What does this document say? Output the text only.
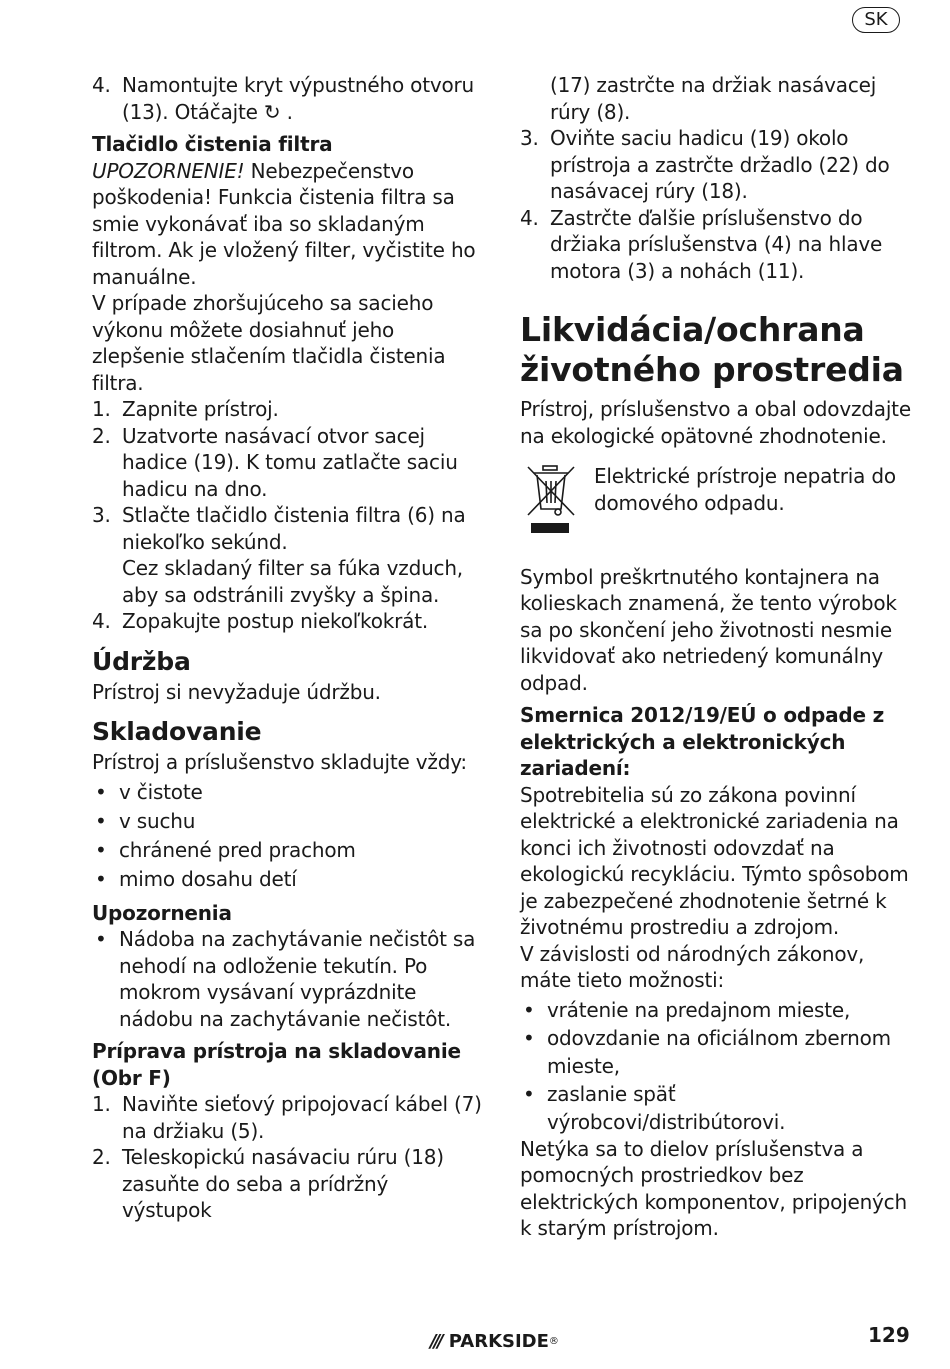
SK
4. Namontujte kryt výpustného otvoru (13). Otáčajte ↻ .

Tlačidlo čistenia filtra

UPOZORNENIE! Nebezpečenstvo poškodenia! Funkcia čistenia filtra sa smie vykonávať iba so skladaným filtrom. Ak je vložený filter, vyčistite ho manuálne.

V prípade zhoršujúceho sa sacieho výkonu môžete dosiahnuť jeho zlepšenie stlačením tlačidla čistenia filtra.

1. Zapnite prístroj.
2. Uzatvorte nasávací otvor sacej hadice (19). K tomu zatlačte saciu hadicu na dno.
3. Stlačte tlačidlo čistenia filtra (6) na niekoľko sekúnd.

Cez skladaný filter sa fúka vzduch, aby sa odstránili zvyšky a špina.

4. Zopakujte postup niekoľkokrát.

Údržba

Prístroj si nevyžaduje údržbu.

Skladovanie

Prístroj a príslušenstvo skladujte vždy:

• v čistote
• v suchu
• chránené pred prachom
• mimo dosahu detí

Upozornenia

• Nádoba na zachytávanie nečistôt sa nehodí na odloženie tekutín. Po mokrom vysávaní vyprázdnite nádobu na zachytávanie nečistôt.

Príprava prístroja na skladovanie (Obr F)

1. Naviňte sieťový pripojovací kábel (7) na držiaku (5).
2. Teleskopickú nasávaciu rúru (18) zasuňte do seba a prídržný výstupok

(17) zastrčte na držiak nasávacej rúry (8).

3. Oviňte saciu hadicu (19) okolo prístroja a zastrčte držadlo (22) do nasávacej rúry (18).
4. Zastrčte ďalšie príslušenstvo do držiaka príslušenstva (4) na hlave motora (3) a nohách (11).

Likvidácia/ochrana životného prostredia

Prístroj, príslušenstvo a obal odovzdajte na ekologické opätovné zhodnotenie.

Elektrické prístroje nepatria do domového odpadu.

Symbol preškrtnutého kontajnera na kolieskach znamená, že tento výrobok sa po skončení jeho životnosti nesmie likvidovať ako netriedený komunálny odpad.

Smernica 2012/19/EÚ o odpade z elektrických a elektronických zariadení:

Spotrebitelia sú zo zákona povinní elektrické a elektronické zariadenia na konci ich životnosti odovzdať na ekologickú recykláciu. Týmto spôsobom je zabezpečené zhodnotenie šetrné k životnému prostrediu a zdrojom.

V závislosti od národných zákonov, máte tieto možnosti:

• vrátenie na predajnom mieste,
• odovzdanie na oficiálnom zbernom mieste,
• zaslanie späť výrobcovi/distribútorovi.

Netýka sa to dielov príslušenstva a pomocných prostriedkov bez elektrických komponentov, pripojených k starým prístrojom.

/// PARKSIDE ®	129
